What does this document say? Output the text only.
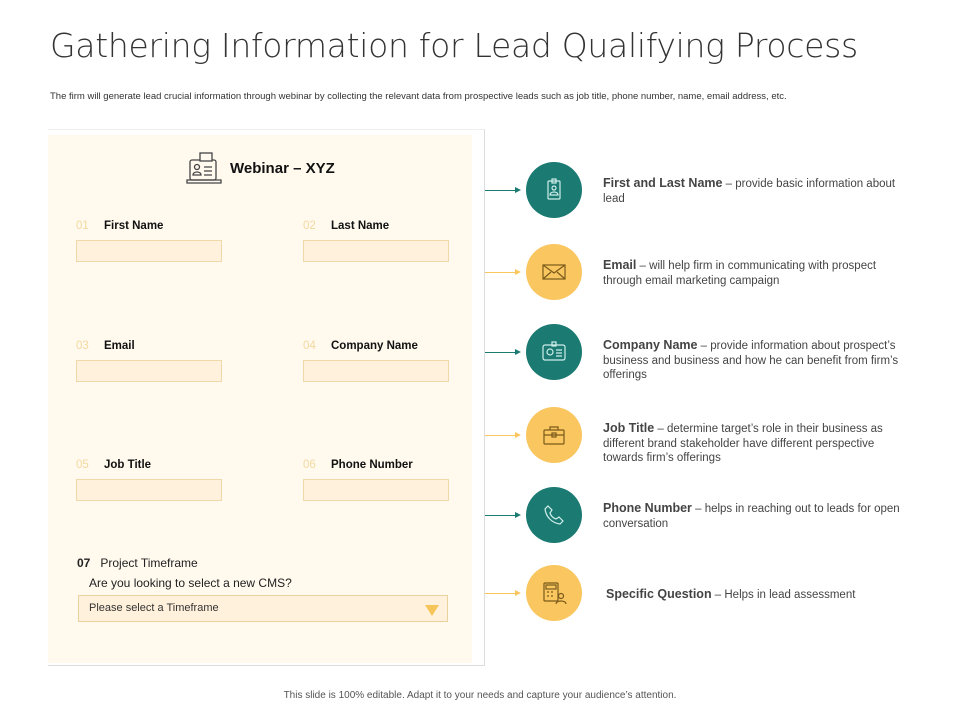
Gathering Information for Lead Qualifying Process
The firm will generate lead crucial information through webinar by collecting the relevant data from prospective leads such as job title, phone number, name, email address, etc.
Webinar – XYZ
01 First Name	02 Last Name
03 Email	04 Company Name
05 Job Title	06 Phone Number
07 Project Timeframe
Are you looking to select a new CMS?
Please select a Timeframe
First and Last Name – provide basic information about lead
Email – will help firm in communicating with prospect through email marketing campaign
Company Name – provide information about prospect’s business and business and how he can benefit from firm’s offerings
Job Title – determine target’s role in their business as different brand stakeholder have different perspective towards firm’s offerings
Phone Number – helps in reaching out to leads for open conversation
Specific Question – Helps in lead assessment
This slide is 100% editable. Adapt it to your needs and capture your audience’s attention.
